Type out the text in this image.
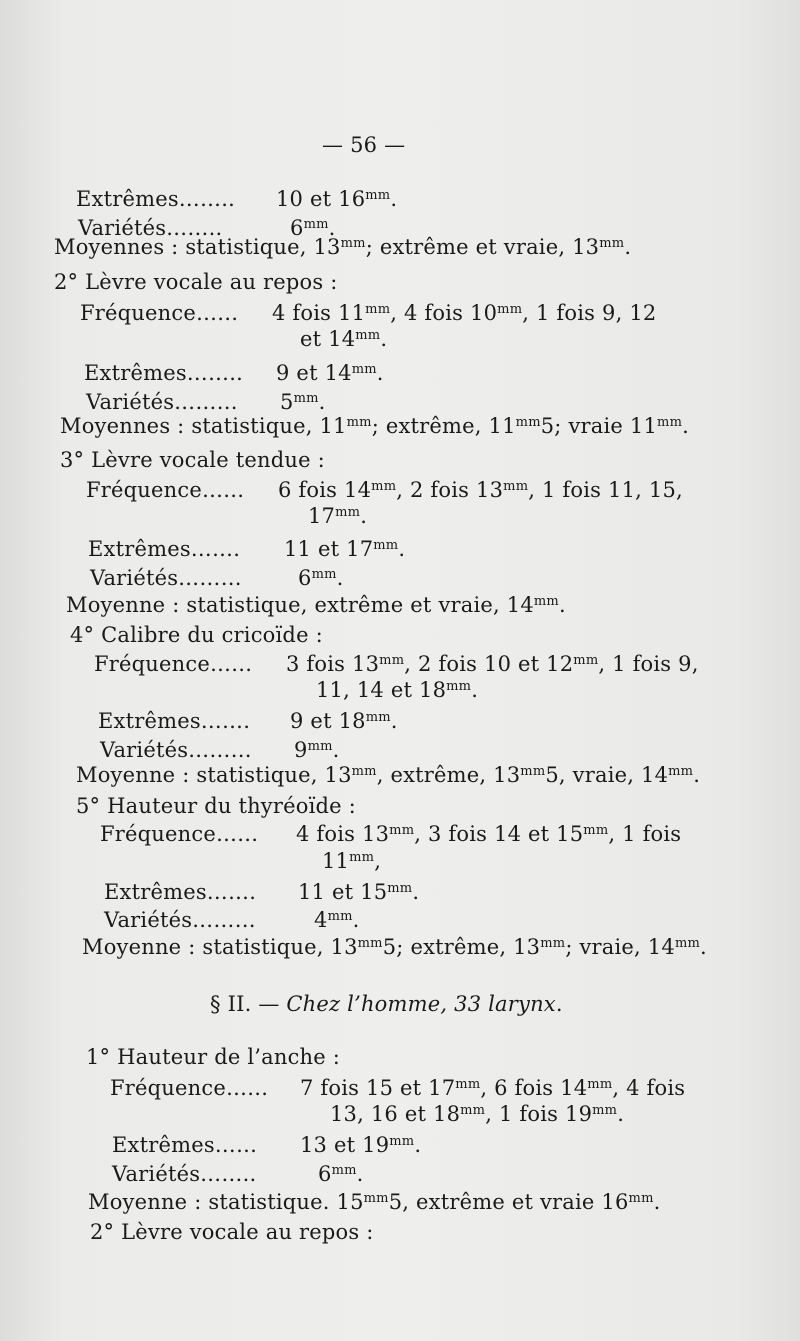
— 56 —
Extrêmes…….. 10 et $16^{mm}$.
Variétés……..	$6^{mm}$.
Moyennes : statistique, $13^{mm}$; extrême et vraie, $13^{mm}$.
2° Lèvre vocale au repos :
Fréquence…… 4 fois $11^{mm}$, 4 fois $10^{mm}$, 1 fois 9, 12
et $14^{mm}$.
Extrêmes…….. 9 et $14^{mm}$.
Variétés……… $5^{mm}$.
Moyennes : statistique, $11^{mm}$; extrême, $11^{mm}5$; vraie $11^{mm}$.
3° Lèvre vocale tendue :
Fréquence…… 6 fois $14^{mm}$, 2 fois $13^{mm}$, 1 fois 11, 15,
$17^{mm}$.
Extrêmes……. 11 et $17^{mm}$.
Variétés………	$6^{mm}$.
Moyenne : statistique, extrême et vraie, $14^{mm}$.
4° Calibre du cricoïde :
Fréquence…… 3 fois $13^{mm}$, 2 fois 10 et $12^{mm}$, 1 fois 9,
11, 14 et $18^{mm}$.
Extrêmes……. 9 et $18^{mm}$.
Variétés……… $9^{mm}$.
Moyenne : statistique, $13^{mm}$, extrême, $13^{mm}5$, vraie, $14^{mm}$.
5° Hauteur du thyréoïde :
Fréquence…… 4 fois $13^{mm}$, 3 fois 14 et $15^{mm}$, 1 fois
$11^{mm}$,
Extrêmes……. 11 et $15^{mm}$.
Variétés………	$4^{mm}$.
Moyenne : statistique, $13^{mm}5$; extrême, $13^{mm}$; vraie, $14^{mm}$.
§ II. — Chez l’homme, 33 larynx.
1° Hauteur de l’anche :
Fréquence…… 7 fois 15 et $17^{mm}$, 6 fois $14^{mm}$, 4 fois
13, 16 et $18^{mm}$, 1 fois $19^{mm}$.
Extrêmes…… 13 et $19^{mm}$.
Variétés……..	$6^{mm}$.
Moyenne : statistique. $15^{mm}5$, extrême et vraie $16^{mm}$.
2° Lèvre vocale au repos :
